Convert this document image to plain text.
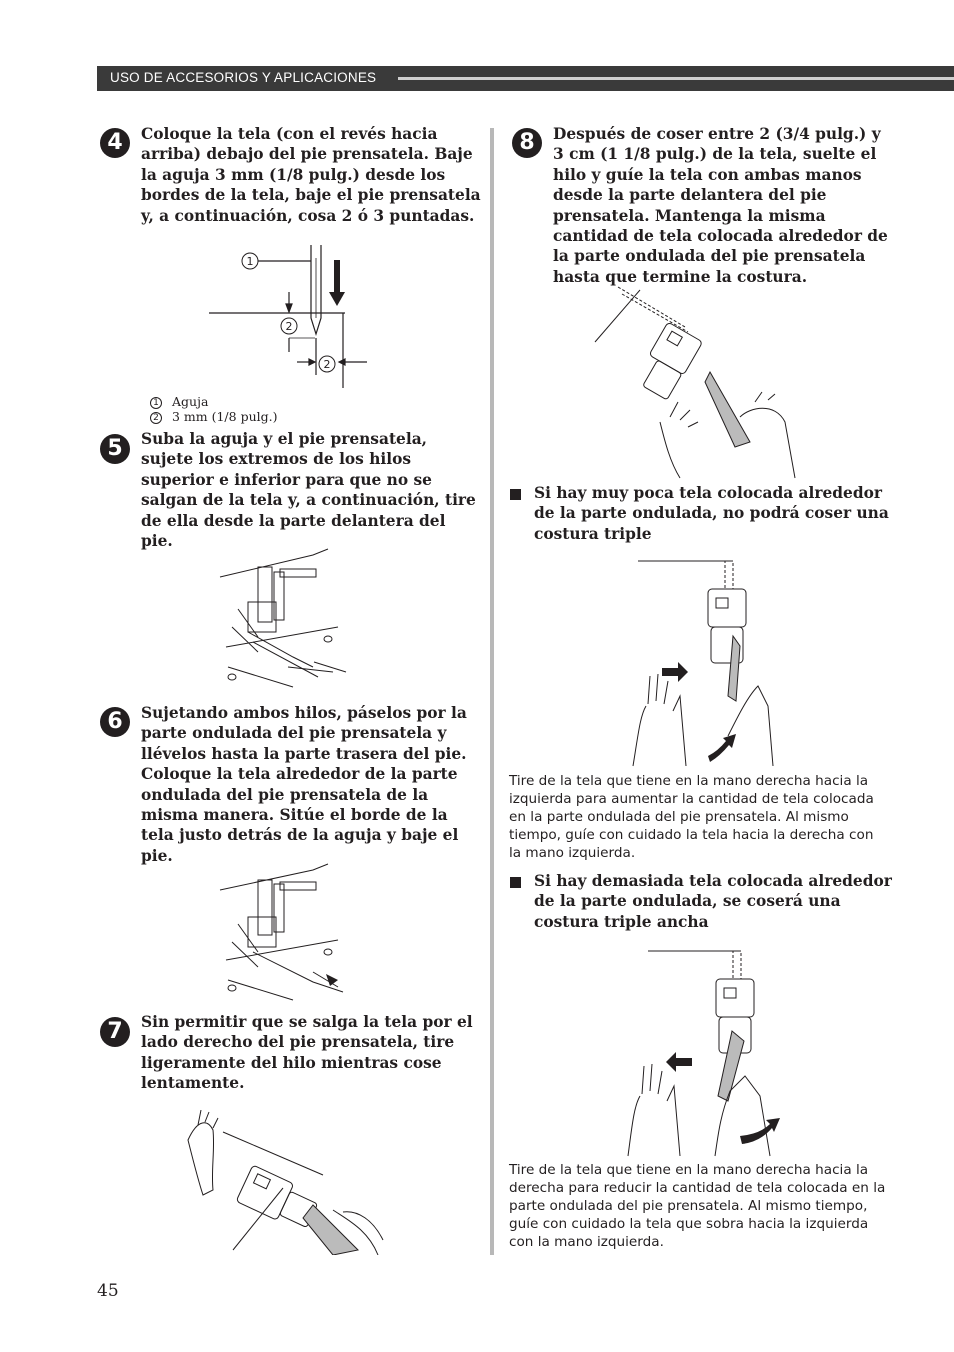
USO DE ACCESORIOS Y APLICACIONES
4	Coloque la tela (con el revés hacia arriba) debajo del pie prensatela. Baje la aguja 3 mm (1/8 pulg.) desde los bordes de la tela, baje el pie prensatela y, a continuación, cosa 2 ó 3 puntadas.
1
2
2
1 Aguja
2 3 mm (1/8 pulg.)
5	Suba la aguja y el pie prensatela, sujete los extremos de los hilos superior e inferior para que no se salgan de la tela y, a continuación, tire de ella desde la parte delantera del pie.
6	Sujetando ambos hilos, páselos por la parte ondulada del pie prensatela y llévelos hasta la parte trasera del pie. Coloque la tela alrededor de la parte ondulada del pie prensatela de la misma manera. Sitúe el borde de la tela justo detrás de la aguja y baje el pie.
7	Sin permitir que se salga la tela por el lado derecho del pie prensatela, tire ligeramente del hilo mientras cose lentamente.
8	Después de coser entre 2 (3/4 pulg.) y 3 cm (1 1/8 pulg.) de la tela, suelte el hilo y guíe la tela con ambas manos desde la parte delantera del pie prensatela. Mantenga la misma cantidad de tela colocada alrededor de la parte ondulada del pie prensatela hasta que termine la costura.
Si hay muy poca tela colocada alrededor de la parte ondulada, no podrá coser una costura triple
Tire de la tela que tiene en la mano derecha hacia la izquierda para aumentar la cantidad de tela colocada en la parte ondulada del pie prensatela. Al mismo tiempo, guíe con cuidado la tela hacia la derecha con la mano izquierda.
Si hay demasiada tela colocada alrededor de la parte ondulada, se coserá una costura triple ancha
Tire de la tela que tiene en la mano derecha hacia la derecha para reducir la cantidad de tela colocada en la parte ondulada del pie prensatela. Al mismo tiempo, guíe con cuidado la tela que sobra hacia la izquierda con la mano izquierda.
45
